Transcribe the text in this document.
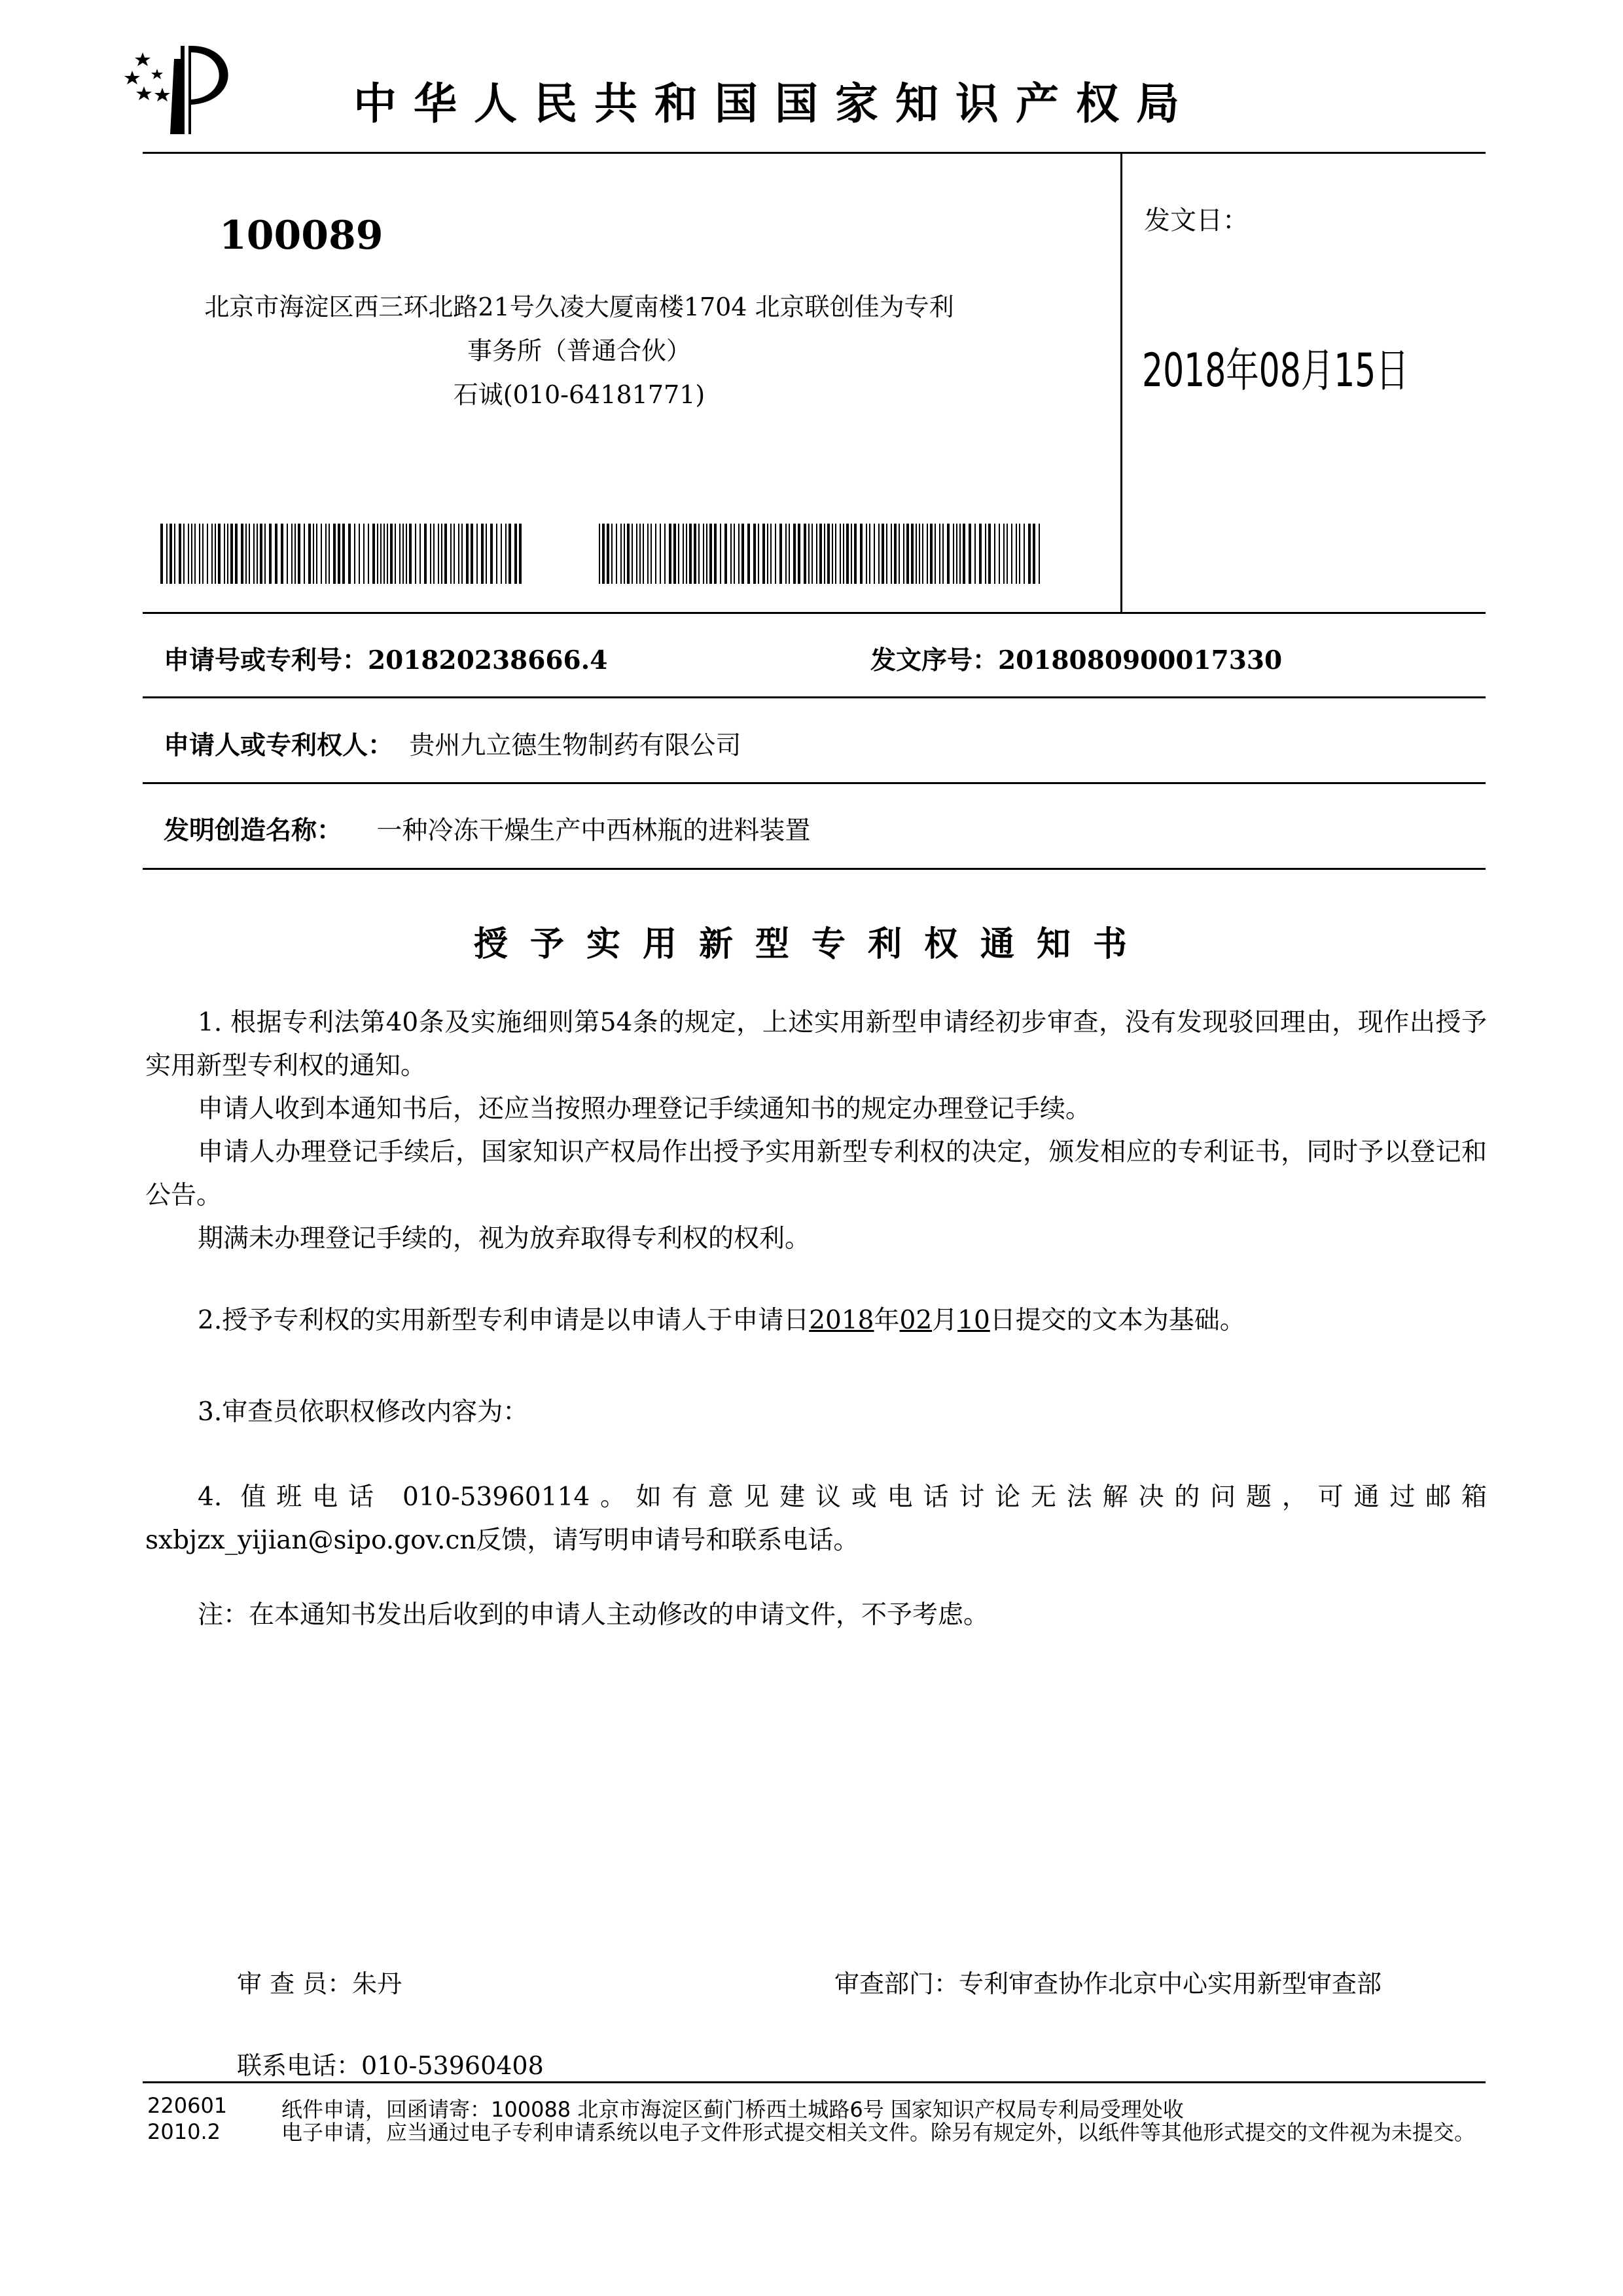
中华人民共和国国家知识产权局
100089
北京市海淀区西三环北路21号久凌大厦南楼1704 北京联创佳为专利
事务所（普通合伙）
石诚(010-64181771)
发文日：
2018年08月15日
申请号或专利号：201820238666.4	发文序号：2018080900017330
申请人或专利权人： 贵州九立德生物制药有限公司
发明创造名称： 一种冷冻干燥生产中西林瓶的进料装置
授予实用新型专利权通知书

1. 根据专利法第40条及实施细则第54条的规定，上述实用新型申请经初步审查，没有发现驳回理由，现作出授予实用新型专利权的通知。

申请人收到本通知书后，还应当按照办理登记手续通知书的规定办理登记手续。

申请人办理登记手续后，国家知识产权局作出授予实用新型专利权的决定，颁发相应的专利证书，同时予以登记和公告。

期满未办理登记手续的，视为放弃取得专利权的权利。

2.授予专利权的实用新型专利申请是以申请人于申请日2018年02月10日提交的文本为基础。

3.审查员依职权修改内容为：

4. 值班电话 010-53960114。如有意见建议或电话讨论无法解决的问题，可通过邮箱sxbjzx_yijian@sipo.gov.cn反馈，请写明申请号和联系电话。

注：在本通知书发出后收到的申请人主动修改的申请文件，不予考虑。

审 查 员：朱丹	审查部门：专利审查协作北京中心实用新型审查部
联系电话：010-53960408
220601
2010.2
纸件申请，回函请寄：100088 北京市海淀区蓟门桥西土城路6号 国家知识产权局专利局受理处收
电子申请，应当通过电子专利申请系统以电子文件形式提交相关文件。除另有规定外，以纸件等其他形式提交的文件视为未提交。
